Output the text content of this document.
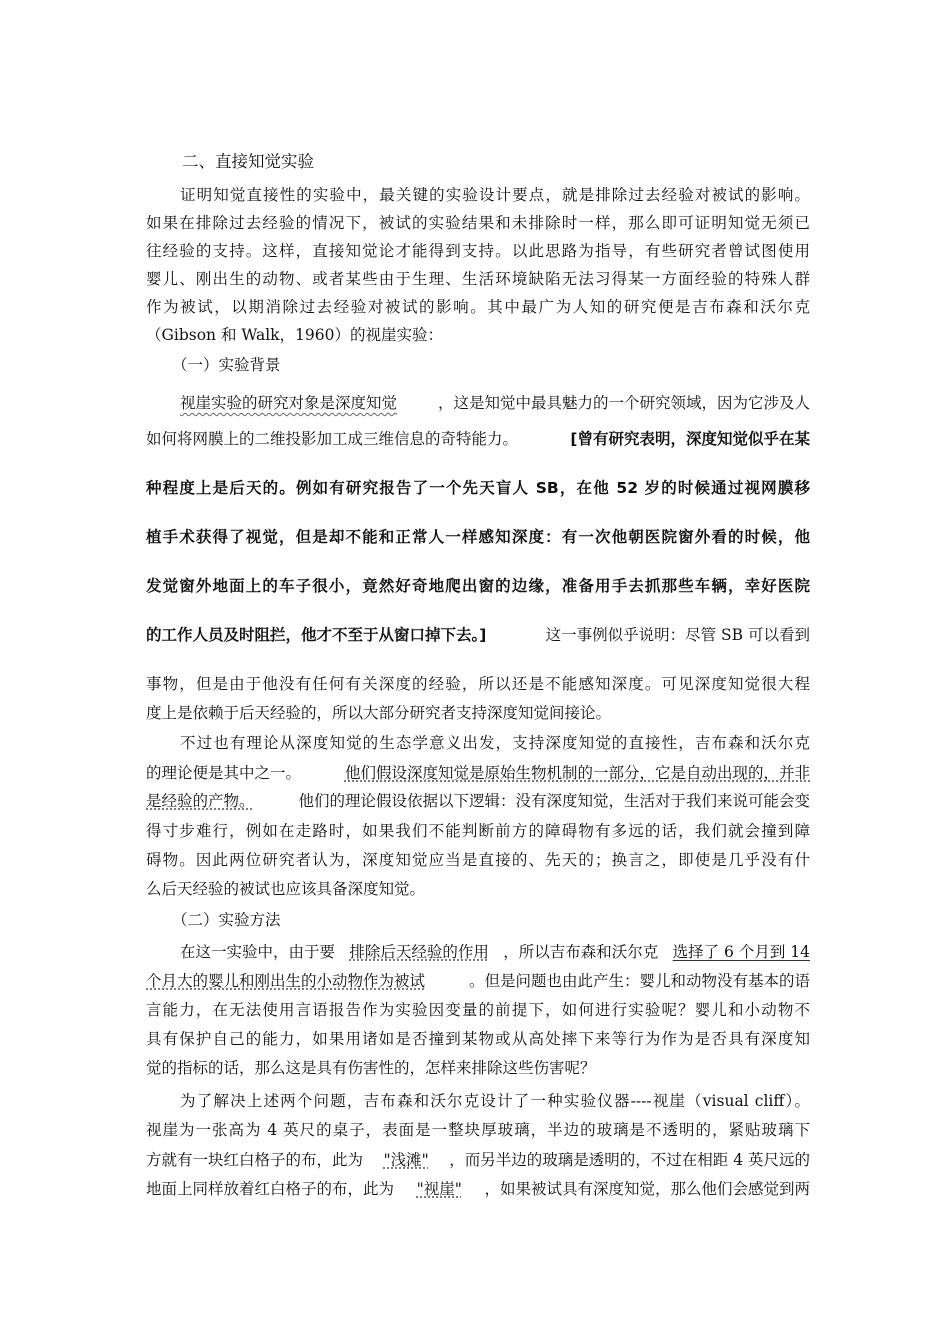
二、直接知觉实验
证明知觉直接性的实验中，最关键的实验设计要点，就是排除过去经验对被试的影响。
如果在排除过去经验的情况下，被试的实验结果和未排除时一样，那么即可证明知觉无须已
往经验的支持。这样，直接知觉论才能得到支持。以此思路为指导，有些研究者曾试图使用
婴儿、刚出生的动物、或者某些由于生理、生活环境缺陷无法习得某一方面经验的特殊人群
作为被试，以期消除过去经验对被试的影响。其中最广为人知的研究便是吉布森和沃尔克
（Gibson 和 Walk，1960）的视崖实验：
（一）实验背景
视崖实验的研究对象是深度知觉	，这是知觉中最具魅力的一个研究领域，因为它涉及人
如何将网膜上的二维投影加工成三维信息的奇特能力。	[曾有研究表明，深度知觉似乎在某
种程度上是后天的。例如有研究报告了一个先天盲人 SB，在他 52 岁的时候通过视网膜移
植手术获得了视觉，但是却不能和正常人一样感知深度：有一次他朝医院窗外看的时候，他
发觉窗外地面上的车子很小，竟然好奇地爬出窗的边缘，准备用手去抓那些车辆，幸好医院
的工作人员及时阻拦，他才不至于从窗口掉下去。]	这一事例似乎说明：尽管 SB 可以看到
事物，但是由于他没有任何有关深度的经验，所以还是不能感知深度。可见深度知觉很大程
度上是依赖于后天经验的，所以大部分研究者支持深度知觉间接论。
不过也有理论从深度知觉的生态学意义出发，支持深度知觉的直接性，吉布森和沃尔克
的理论便是其中之一。	他们假设深度知觉是原始生物机制的一部分，它是自动出现的，并非
是经验的产物。	他们的理论假设依据以下逻辑：没有深度知觉，生活对于我们来说可能会变
得寸步难行，例如在走路时，如果我们不能判断前方的障碍物有多远的话，我们就会撞到障
碍物。因此两位研究者认为，深度知觉应当是直接的、先天的；换言之，即使是几乎没有什
么后天经验的被试也应该具备深度知觉。
（二）实验方法
在这一实验中，由于要 排除后天经验的作用 ，所以吉布森和沃尔克 选择了 6 个月到 14
个月大的婴儿和刚出生的小动物作为被试	。但是问题也由此产生：婴儿和动物没有基本的语
言能力，在无法使用言语报告作为实验因变量的前提下，如何进行实验呢？婴儿和小动物不
具有保护自己的能力，如果用诸如是否撞到某物或从高处摔下来等行为作为是否具有深度知
觉的指标的话，那么这是具有伤害性的，怎样来排除这些伤害呢？
为了解决上述两个问题，吉布森和沃尔克设计了一种实验仪器----视崖（visual cliff）。
视崖为一张高为 4 英尺的桌子，表面是一整块厚玻璃，半边的玻璃是不透明的，紧贴玻璃下
方就有一块红白格子的布，此为 "浅滩" ，而另半边的玻璃是透明的，不过在相距 4 英尺远的
地面上同样放着红白格子的布，此为 "视崖" ，如果被试具有深度知觉，那么他们会感觉到两
